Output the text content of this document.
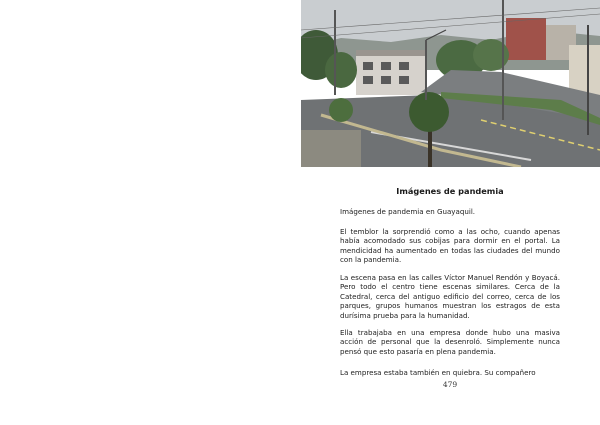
Imágenes de pandemia

Imágenes de pandemia en Guayaquil.

El temblor la sorprendió como a las ocho, cuando apenas había acomodado sus cobijas para dormir en el portal. La mendicidad ha aumentado en todas las ciudades del mundo con la pandemia.

La escena pasa en las calles Víctor Manuel Rendón y Boyacá. Pero todo el centro tiene escenas similares. Cerca de la Catedral, cerca del antiguo edificio del correo, cerca de los parques, grupos humanos muestran los estragos de esta durísima prueba para la humanidad.

Ella trabajaba en una empresa donde hubo una masiva acción de personal que la desenroló. Simplemente nunca pensó que esto pasaría en plena pandemia.

La empresa estaba también en quiebra. Su compañero

479
